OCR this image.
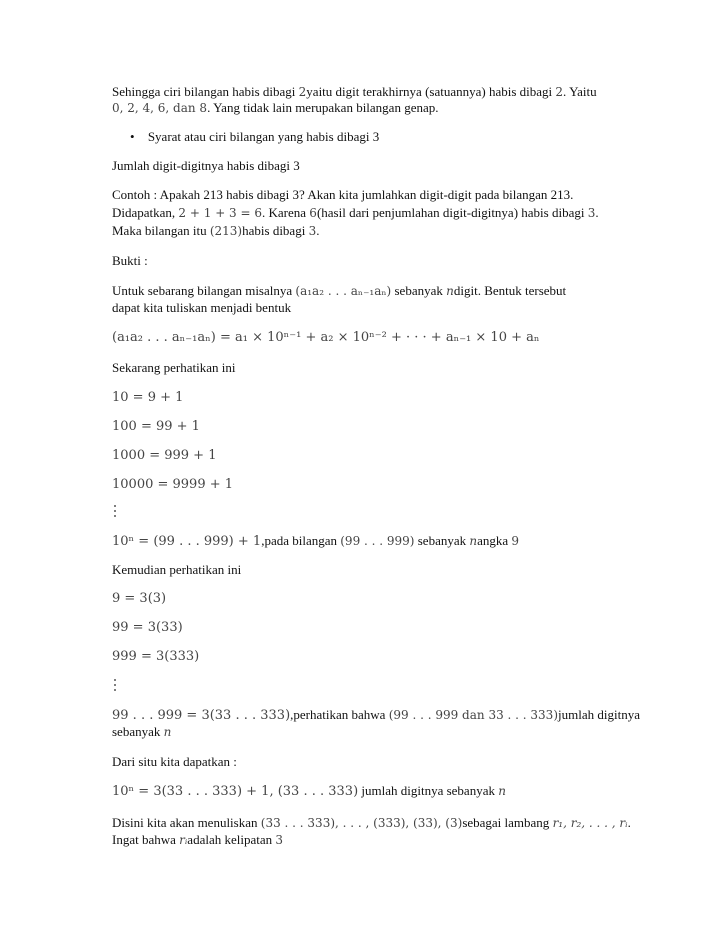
Sehingga ciri bilangan habis dibagi 2yaitu digit terakhirnya (satuannya) habis dibagi 2. Yaitu
0, 2, 4, 6, dan 8. Yang tidak lain merupakan bilangan genap.
• Syarat atau ciri bilangan yang habis dibagi 3
Jumlah digit-digitnya habis dibagi 3
Contoh : Apakah 213 habis dibagi 3? Akan kita jumlahkan digit-digit pada bilangan 213.
Didapatkan, 2 + 1 + 3 = 6. Karena 6(hasil dari penjumlahan digit-digitnya) habis dibagi 3.
Maka bilangan itu (213)habis dibagi 3.
Bukti :
Untuk sebarang bilangan misalnya (a₁a₂ . . . aₙ₋₁aₙ) sebanyak ndigit. Bentuk tersebut
dapat kita tuliskan menjadi bentuk
(a₁a₂ . . . aₙ₋₁aₙ) = a₁ × 10ⁿ⁻¹ + a₂ × 10ⁿ⁻² + · · · + aₙ₋₁ × 10 + aₙ
Sekarang perhatikan ini
10 = 9 + 1
100 = 99 + 1
1000 = 999 + 1
10000 = 9999 + 1
10ⁿ = (99 . . . 999) + 1,pada bilangan (99 . . . 999) sebanyak nangka 9
Kemudian perhatikan ini
9 = 3(3)
99 = 3(33)
999 = 3(333)
99 . . . 999 = 3(33 . . . 333),perhatikan bahwa (99 . . . 999 dan 33 . . . 333)jumlah digitnya
sebanyak n
Dari situ kita dapatkan :
10ⁿ = 3(33 . . . 333) + 1, (33 . . . 333) jumlah digitnya sebanyak n
Disini kita akan menuliskan (33 . . . 333), . . . , (333), (33), (3)sebagai lambang r₁, r₂, . . . , rᵢ.
Ingat bahwa rᵢadalah kelipatan 3
